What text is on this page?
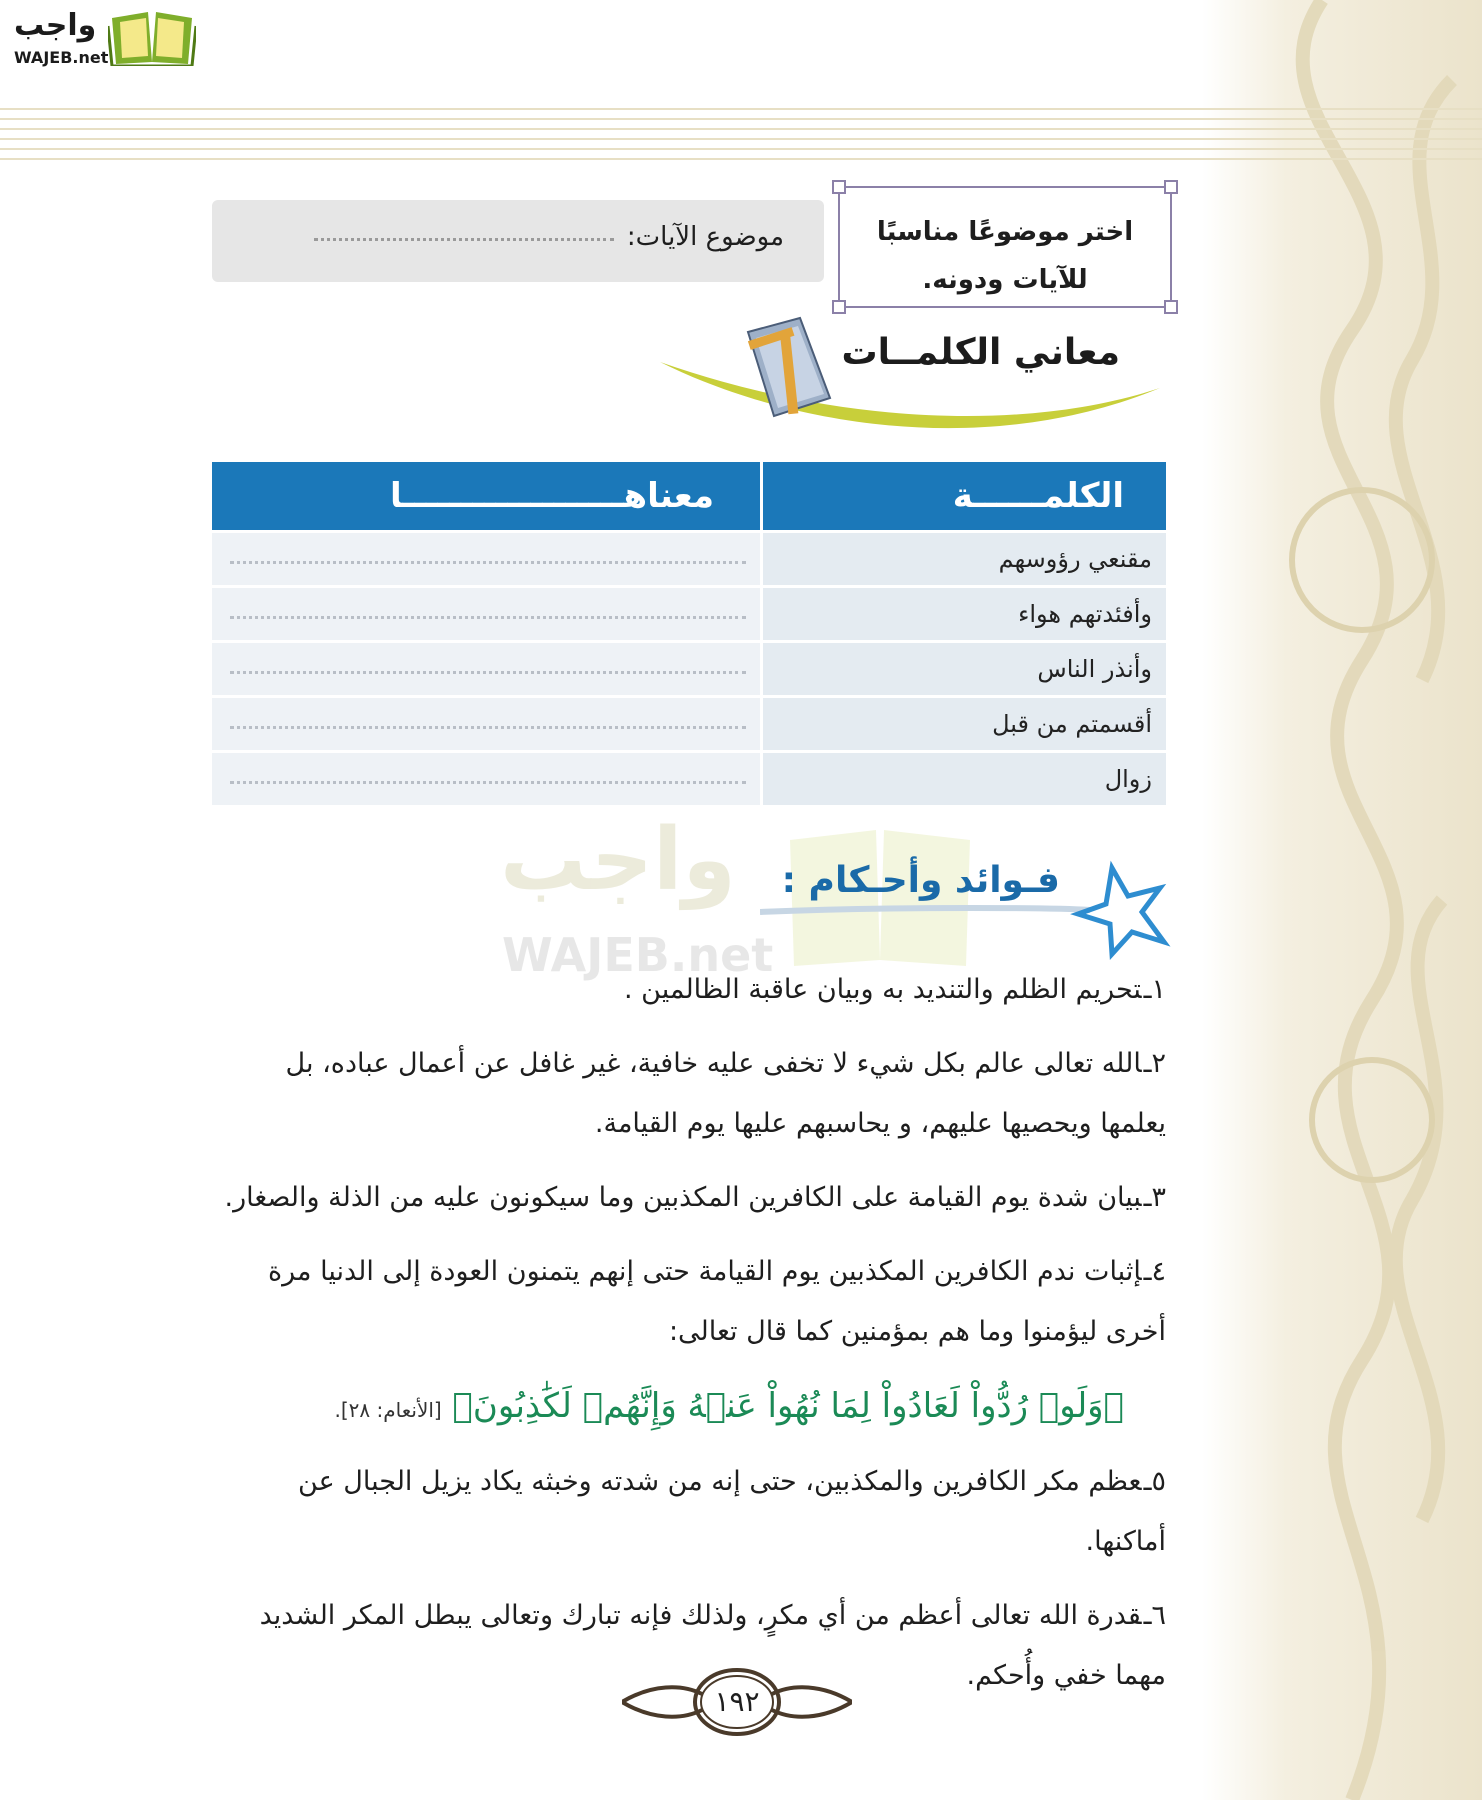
واجب
WAJEB.net
اختر موضوعًا مناسبًا
للآيات ودونه.
موضوع الآيات:
معاني الكلمــات
الكلمــــــة
معناهـــــــــــــــــــا
مقنعي رؤوسهم
وأفئدتهم هواء
وأنذر الناس
أقسمتم من قبل
زوال
واجب
WAJEB.net
فـوائد وأحـكام :
١ـتحريم الظلم والتنديد به وبيان عاقبة الظالمين .
٢ـالله تعالى عالم بكل شيء لا تخفى عليه خافية، غير غافل عن أعمال عباده، بل يعلمها ويحصيها عليهم، و يحاسبهم عليها يوم القيامة.
٣ـبيان شدة يوم القيامة على الكافرين المكذبين وما سيكونون عليه من الذلة والصغار.
٤ـإثبات ندم الكافرين المكذبين يوم القيامة حتى إنهم يتمنون العودة إلى الدنيا مرة أخرى ليؤمنوا وما هم بمؤمنين كما قال تعالى:
﴿وَلَوۡ رُدُّواْ لَعَادُواْ لِمَا نُهُواْ عَنۡهُ وَإِنَّهُمۡ لَكَٰذِبُونَ﴾ [الأنعام: ٢٨].
٥ـعظم مكر الكافرين والمكذبين، حتى إنه من شدته وخبثه يكاد يزيل الجبال عن أماكنها.
٦ـقدرة الله تعالى أعظم من أي مكرٍ، ولذلك فإنه تبارك وتعالى يبطل المكر الشديد مهما خفي وأُحكم.
١٩٢
